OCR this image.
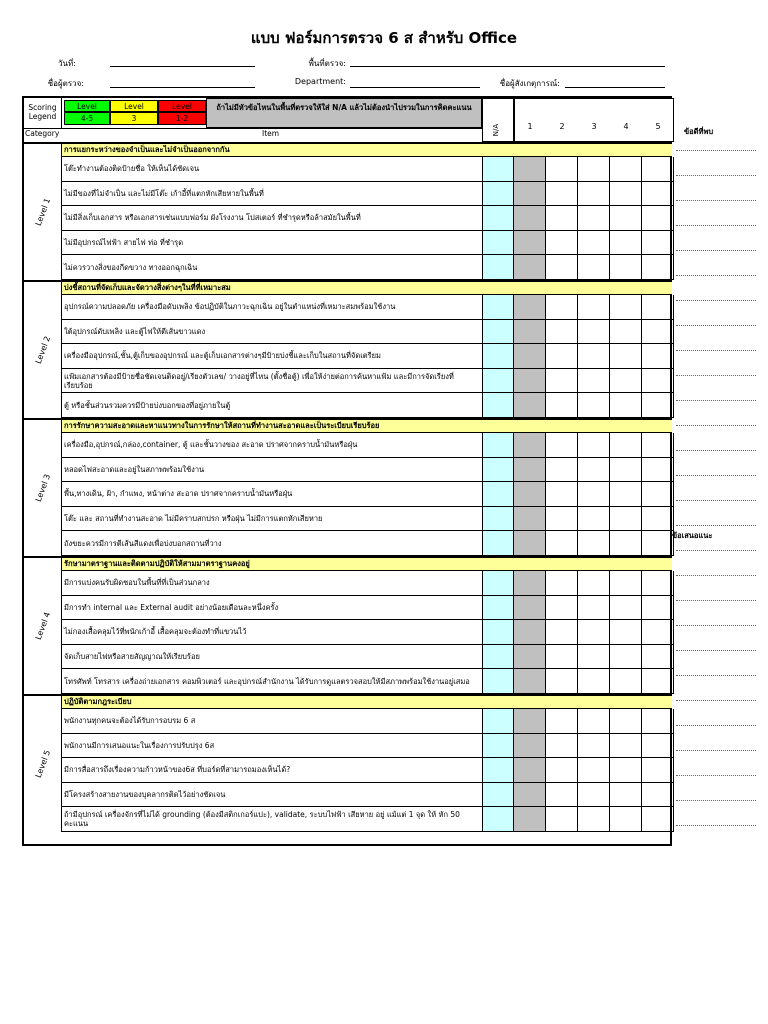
แบบ ฟอร์มการตรวจ 6 ส สำหรับ Office
วันที่:	พื้นที่ตรวจ:
ชื่อผู้ตรวจ:	Department:	ชื่อผู้สังเกตุการณ์:
Scoring Legend
Level
4-5
Level
3
Level
1-2
ถ้าไม่มีหัวข้อไหนในพื้นที่ตรวจให้ใส่ N/A แล้วไม่ต้องนำไปรวมในการคิดคะแนน
Category	Item	N/A	1	2	3	4	5
การแยกระหว่างของจำเป็นและไม่จำเป็นออกจากกัน
โต๊ะทำงานต้องติดป้ายชื่อ ให้เห็นได้ชัดเจน
ไม่มีของที่ไม่จำเป็น และไม่มีโต๊ะ เก้าอี้ที่แตกหักเสียหายในพื้นที่
ไม่มีสิ่งเก็บเอกสาร หรือเอกสารเช่นแบบฟอร์ม ผังโรงงาน โปสเตอร์ ที่ชำรุดหรือล้าสมัยในพื้นที่
ไม่มีอุปกรณ์ไฟฟ้า สายไฟ ท่อ ที่ชำรุด
ไม่ควรวางสิ่งของกีดขวาง ทางออกฉุกเฉิน
Level 1
บ่งชี้สถานที่จัดเก็บและจัดวางสิ่งต่างๆในที่ที่เหมาะสม
อุปกรณ์ความปลอดภัย เครื่องมือดับเพลิง ข้อปฏิบัติในภาวะฉุกเฉิน อยู่ในตำแหน่งที่เหมาะสมพร้อมใช้งาน
ใต้อุปกรณ์ดับเพลิง และตู้ไฟให้ตีเส้นขาวแดง
เครื่องมืออุปกรณ์,ชั้น,ตู้เก็บของอุปกรณ์ และตู้เก็บเอกสารต่างๆมีป้ายบ่งชี้และเก็บในสถานที่จัดเตรียม
แฟ้มเอกสารต้องมีป้ายชื่อชัดเจนติดอยู่/เรียงตัวเลข/ วางอยู่ที่ไหน (ตั้งชื่อตู้) เพื่อให้ง่ายต่อการค้นหาแฟ้ม และมีการจัดเรียงที่เรียบร้อย
ตู้ หรือชั้นส่วนรวมควรมีป้ายบ่งบอกของที่อยู่ภายในตู้
Level 2
การรักษาความสะอาดและหาแนวทางในการรักษาให้สถานที่ทำงานสะอาดและเป็นระเบียบเรียบร้อย
เครื่องมือ,อุปกรณ์,กล่อง,container, ตู้ และชั้นวางของ สะอาด ปราศจากคราบน้ำมันหรือฝุ่น
หลอดไฟสะอาดและอยู่ในสภาพพร้อมใช้งาน
พื้น,ทางเดิน, ฝ้า, กำแพง, หน้าต่าง สะอาด ปราศจากคราบน้ำมันหรือฝุ่น
โต๊ะ และ สถานที่ทำงานสะอาด ไม่มีคราบสกปรก หรือฝุ่น ไม่มีการแตกหักเสียหาย
ถังขยะควรมีการตีเส้นสีแดงเพื่อบ่งบอกสถานที่วาง
Level 3
รักษามาตราฐานและติดตามปฏิบัติให้สามมาตราฐานคงอยู่
มีการแบ่งคนรับผิดชอบในพื้นที่ที่เป็นส่วนกลาง
มีการทำ internal และ External audit อย่างน้อยเดือนละหนึ่งครั้ง
ไม่กองเสื้อคลุมไว้ที่พนักเก้าอี้ เสื้อคลุมจะต้องทำที่แขวนไว้
จัดเก็บสายไฟหรือสายสัญญาณให้เรียบร้อย
โทรศัพท์ โทรสาร เครื่องถ่ายเอกสาร คอมพิวเตอร์ และอุปกรณ์สำนักงาน ได้รับการดูแลตรวจสอบให้มีสภาพพร้อมใช้งานอยู่เสมอ
Level 4
ปฏิบัติตามกฎระเบียบ
พนักงานทุกคนจะต้องได้รับการอบรม 6 ส
พนักงานมีการเสนอแนะในเรื่องการปรับปรุง 6ส
มีการสื่อสารถึงเรื่องความก้าวหน้าของ6ส ที่บอร์ดที่สามารถมองเห็นได้?
มีโครงสร้างสายงานของบุคลากรติดไว้อย่างชัดเจน
ถ้ามีอุปกรณ์ เครื่องจักรที่ไม่ได้ grounding (ต้องมีสติกเกอร์แปะ), validate, ระบบไฟฟ้า เสียหาย อยู่ แม้แต่ 1 จุด ให้ หัก 50 คะแนน
Level 5
ข้อดีที่พบ
ข้อเสนอแนะ
